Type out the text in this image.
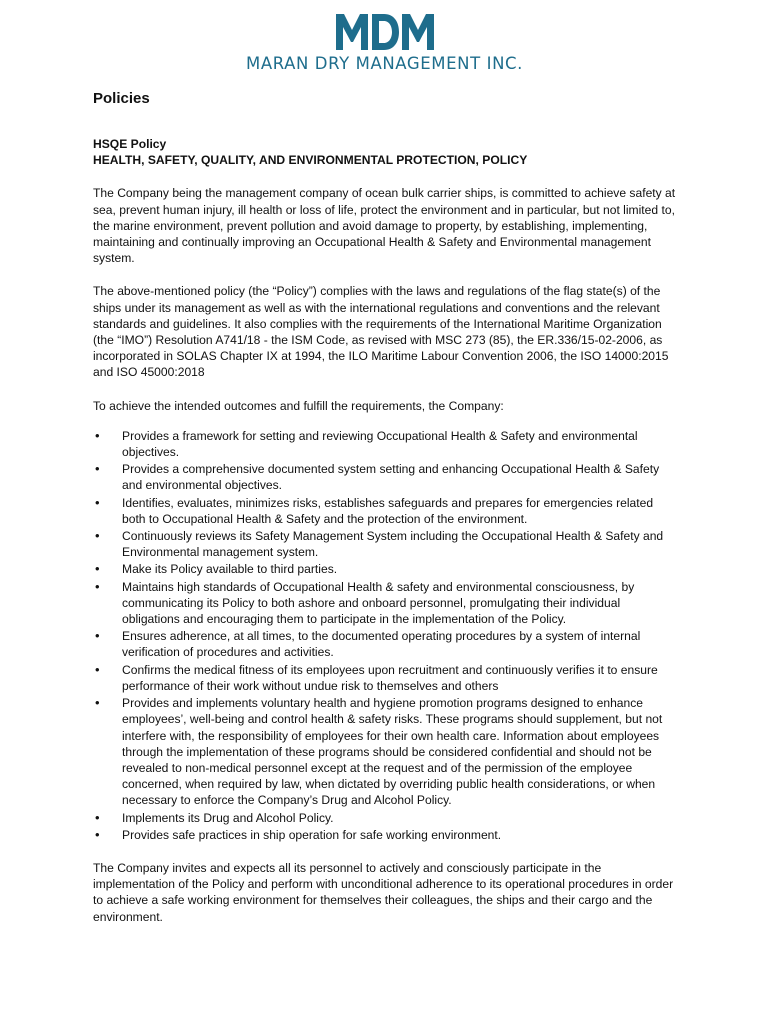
MARAN DRY MANAGEMENT INC.
Policies

HSQE Policy

HEALTH, SAFETY, QUALITY, AND ENVIRONMENTAL PROTECTION, POLICY

The Company being the management company of ocean bulk carrier ships, is committed to achieve safety at sea, prevent human injury, ill health or loss of life, protect the environment and in particular, but not limited to, the marine environment, prevent pollution and avoid damage to property, by establishing, implementing, maintaining and continually improving an Occupational Health & Safety and Environmental management system.

The above-mentioned policy (the “Policy”) complies with the laws and regulations of the flag state(s) of the ships under its management as well as with the international regulations and conventions and the relevant standards and guidelines. It also complies with the requirements of the International Maritime Organization (the “IMO”) Resolution A741/18 - the ISM Code, as revised with MSC 273 (85), the ER.336/15-02-2006, as incorporated in SOLAS Chapter IX at 1994, the ILO Maritime Labour Convention 2006, the ISO 14000:2015 and ISO 45000:2018

To achieve the intended outcomes and fulfill the requirements, the Company:

• Provides a framework for setting and reviewing Occupational Health & Safety and environmental objectives.
• Provides a comprehensive documented system setting and enhancing Occupational Health & Safety and environmental objectives.
• Identifies, evaluates, minimizes risks, establishes safeguards and prepares for emergencies related both to Occupational Health & Safety and the protection of the environment.
• Continuously reviews its Safety Management System including the Occupational Health & Safety and Environmental management system.
• Make its Policy available to third parties.
• Maintains high standards of Occupational Health & safety and environmental consciousness, by communicating its Policy to both ashore and onboard personnel, promulgating their individual obligations and encouraging them to participate in the implementation of the Policy.
• Ensures adherence, at all times, to the documented operating procedures by a system of internal verification of procedures and activities.
• Confirms the medical fitness of its employees upon recruitment and continuously verifies it to ensure performance of their work without undue risk to themselves and others
• Provides and implements voluntary health and hygiene promotion programs designed to enhance employees’, well-being and control health & safety risks. These programs should supplement, but not interfere with, the responsibility of employees for their own health care. Information about employees through the implementation of these programs should be considered confidential and should not be revealed to non-medical personnel except at the request and of the permission of the employee concerned, when required by law, when dictated by overriding public health considerations, or when necessary to enforce the Company’s Drug and Alcohol Policy.
• Implements its Drug and Alcohol Policy.
• Provides safe practices in ship operation for safe working environment.

The Company invites and expects all its personnel to actively and consciously participate in the implementation of the Policy and perform with unconditional adherence to its operational procedures in order to achieve a safe working environment for themselves their colleagues, the ships and their cargo and the environment.
